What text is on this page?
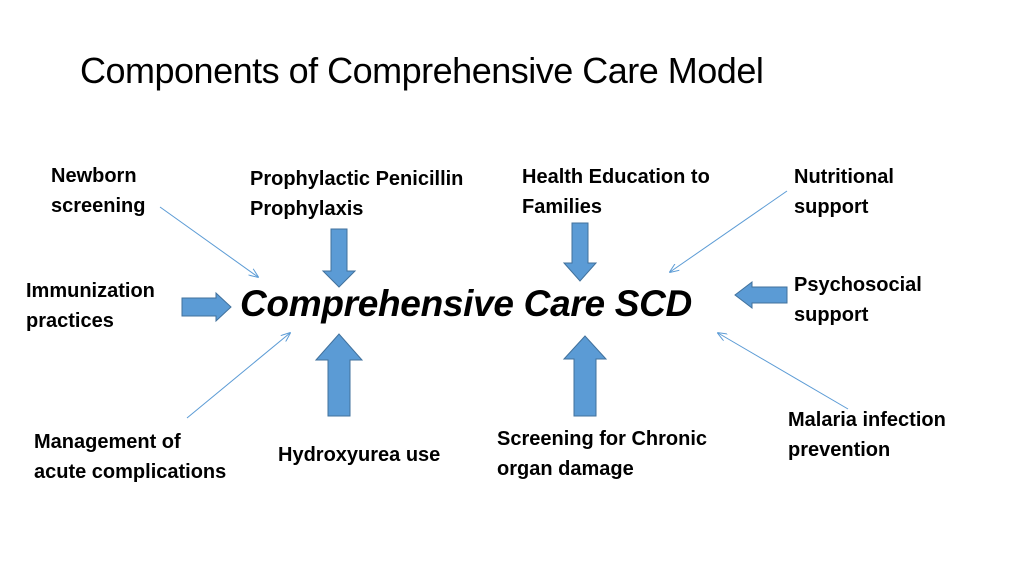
Components of Comprehensive Care Model
Comprehensive Care SCD
Newborn
screening
Prophylactic Penicillin
Prophylaxis
Health Education to
Families
Nutritional
support
Immunization
practices
Psychosocial
support
Management of
acute complications
Hydroxyurea use
Screening for Chronic
organ damage
Malaria infection
prevention
